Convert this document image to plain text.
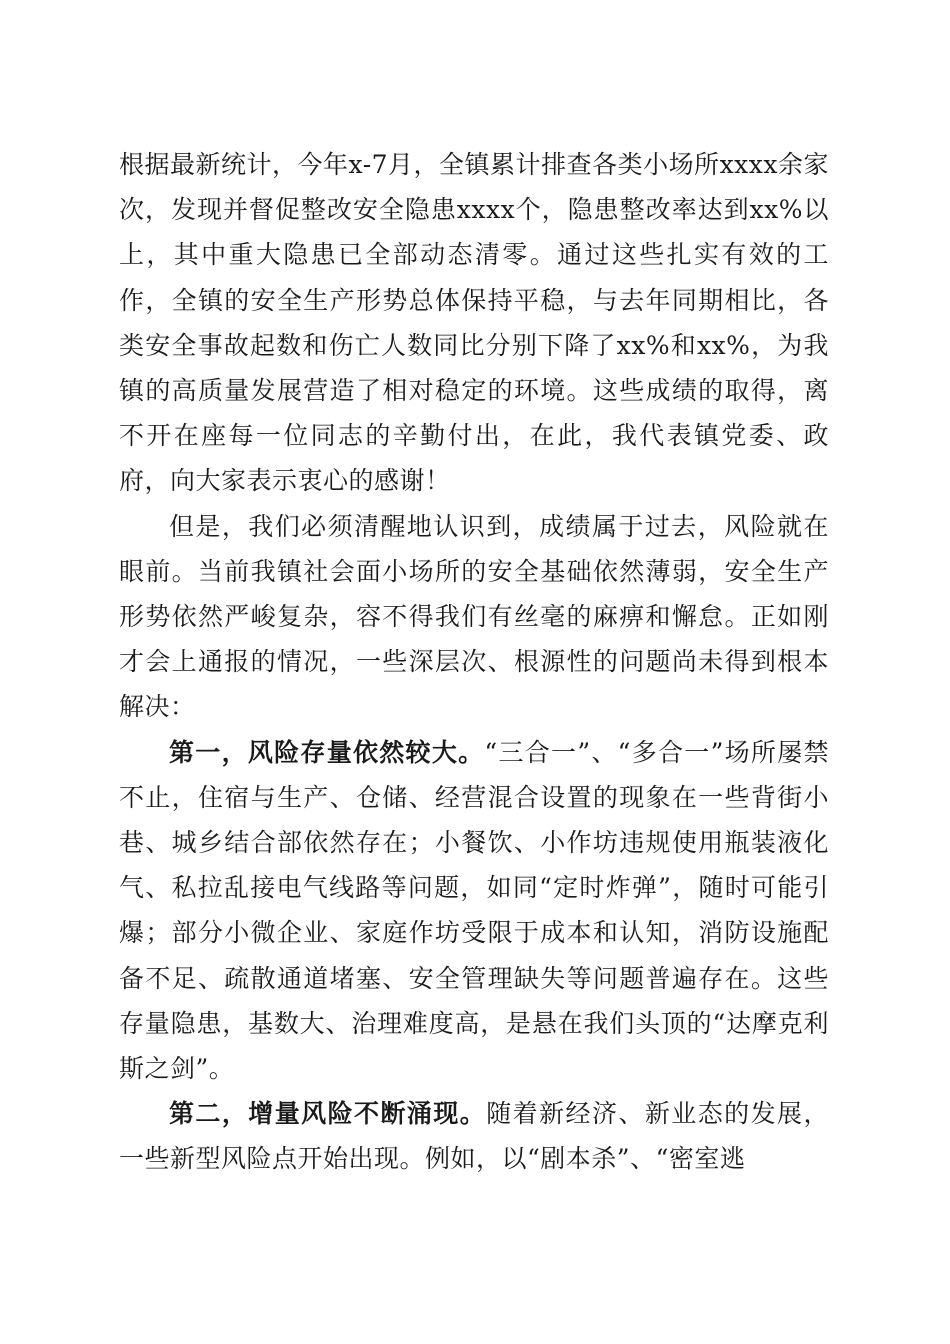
根据最新统计，今年x-7月，全镇累计排查各类小场所xxxx余家次，发现并督促整改安全隐患xxxx个，隐患整改率达到xx%以上，其中重大隐患已全部动态清零。通过这些扎实有效的工作，全镇的安全生产形势总体保持平稳，与去年同期相比，各类安全事故起数和伤亡人数同比分别下降了xx%和xx%，为我镇的高质量发展营造了相对稳定的环境。这些成绩的取得，离不开在座每一位同志的辛勤付出，在此，我代表镇党委、政府，向大家表示衷心的感谢！

但是，我们必须清醒地认识到，成绩属于过去，风险就在眼前。当前我镇社会面小场所的安全基础依然薄弱，安全生产形势依然严峻复杂，容不得我们有丝毫的麻痹和懈怠。正如刚才会上通报的情况，一些深层次、根源性的问题尚未得到根本解决：

第一，风险存量依然较大。“三合一”、“多合一”场所屡禁不止，住宿与生产、仓储、经营混合设置的现象在一些背街小巷、城乡结合部依然存在；小餐饮、小作坊违规使用瓶装液化气、私拉乱接电气线路等问题，如同“定时炸弹”，随时可能引爆；部分小微企业、家庭作坊受限于成本和认知，消防设施配备不足、疏散通道堵塞、安全管理缺失等问题普遍存在。这些存量隐患，基数大、治理难度高，是悬在我们头顶的“达摩克利斯之剑”。

第二，增量风险不断涌现。随着新经济、新业态的发展，一些新型风险点开始出现。例如，以“剧本杀”、“密室逃
